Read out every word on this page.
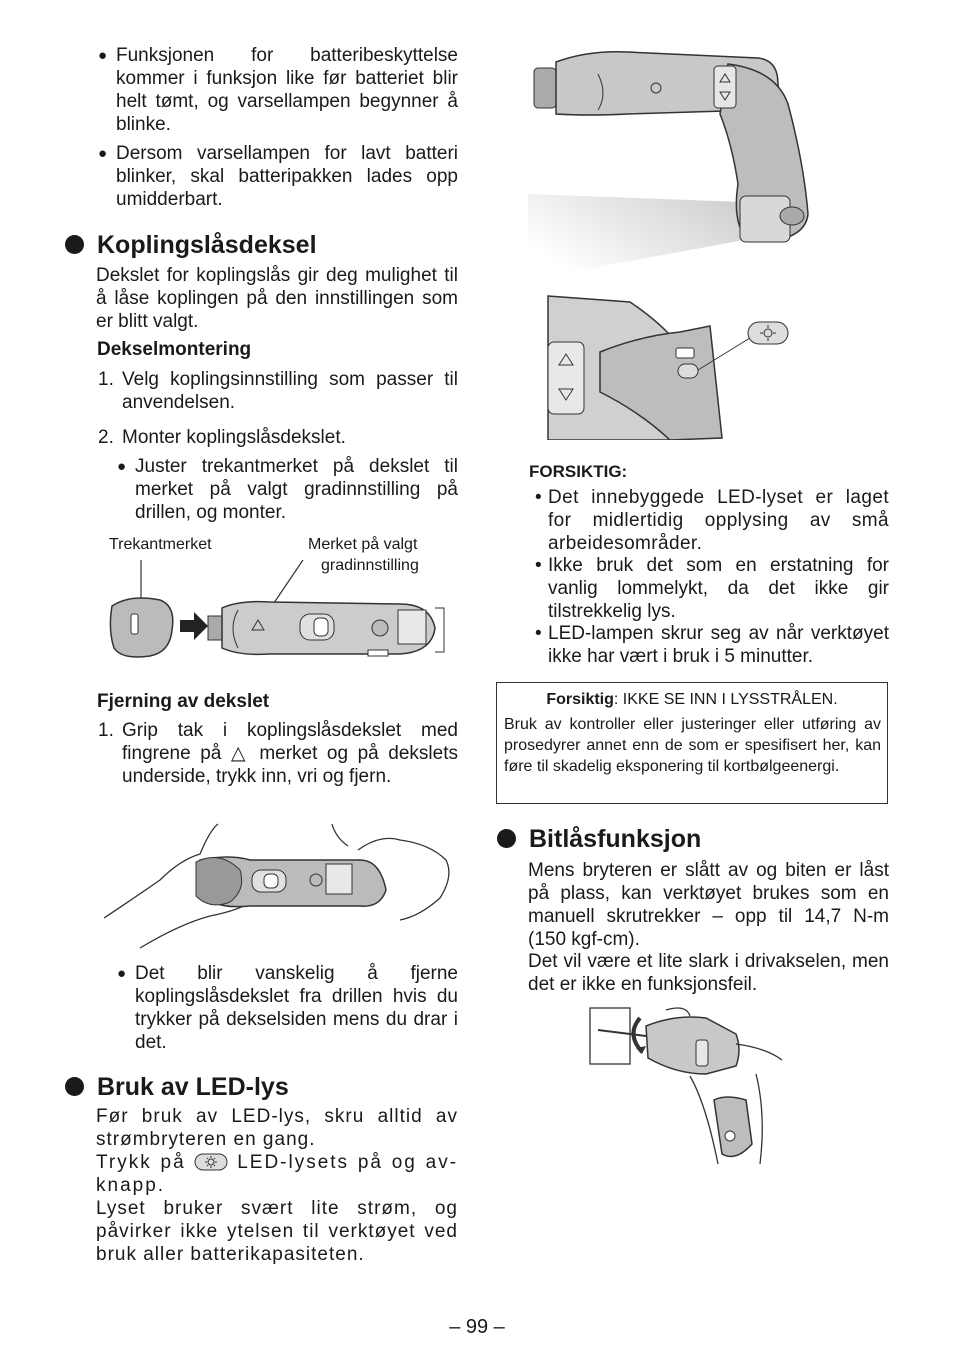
● Funksjonen for batteribeskyttelse kommer i funksjon like før batteriet blir helt tømt, og varsellampen begynner å blinke.
● Dersom varsellampen for lavt batteri blinker, skal batteripakken lades opp umidderbart.
Koplingslåsdeksel
Dekslet for koplingslås gir deg mulighet til å låse koplingen på den innstillingen som er blitt valgt.
Dekselmontering
1. Velg koplingsinnstilling som passer til anvendelsen.
2. Monter koplingslåsdekslet.
● Juster trekantmerket på dekslet til merket på valgt gradinnstilling på drillen, og monter.
Trekantmerket	Merket på valgt
gradinnstilling
Fjerning av dekslet
1. Grip tak i koplingslåsdekslet med fingrene på △ merket og på dekslets underside, trykk inn, vri og fjern.
● Det blir vanskelig å fjerne koplingslåsdekslet fra drillen hvis du trykker på dekselsiden mens du drar i det.
Bruk av LED-lys
Før bruk av LED-lys, skru alltid av strømbryteren en gang.
Trykk på	LED-lysets på og av-knapp.
Lyset bruker svært lite strøm, og påvirker ikke ytelsen til verktøyet ved bruk aller batterikapasiteten.
FORSIKTIG:
• Det innebyggede LED-lyset er laget for midlertidig opplysing av små arbeidesområder.
• Ikke bruk det som en erstatning for vanlig lommelykt, da det ikke gir tilstrekkelig lys.
• LED-lampen skrur seg av når verktøyet ikke har vært i bruk i 5 minutter.
Forsiktig: IKKE SE INN I LYSSTRÅLEN.
Bruk av kontroller eller justeringer eller utføring av prosedyrer annet enn de som er spesifisert her, kan føre til skadelig eksponering til kortbølgeenergi.
Bitlåsfunksjon
Mens bryteren er slått av og biten er låst på plass, kan verktøyet brukes som en manuell skrutrekker – opp til 14,7 N-m (150 kgf-cm).
Det vil være et lite slark i drivakselen, men det er ikke en funksjonsfeil.
– 99 –
